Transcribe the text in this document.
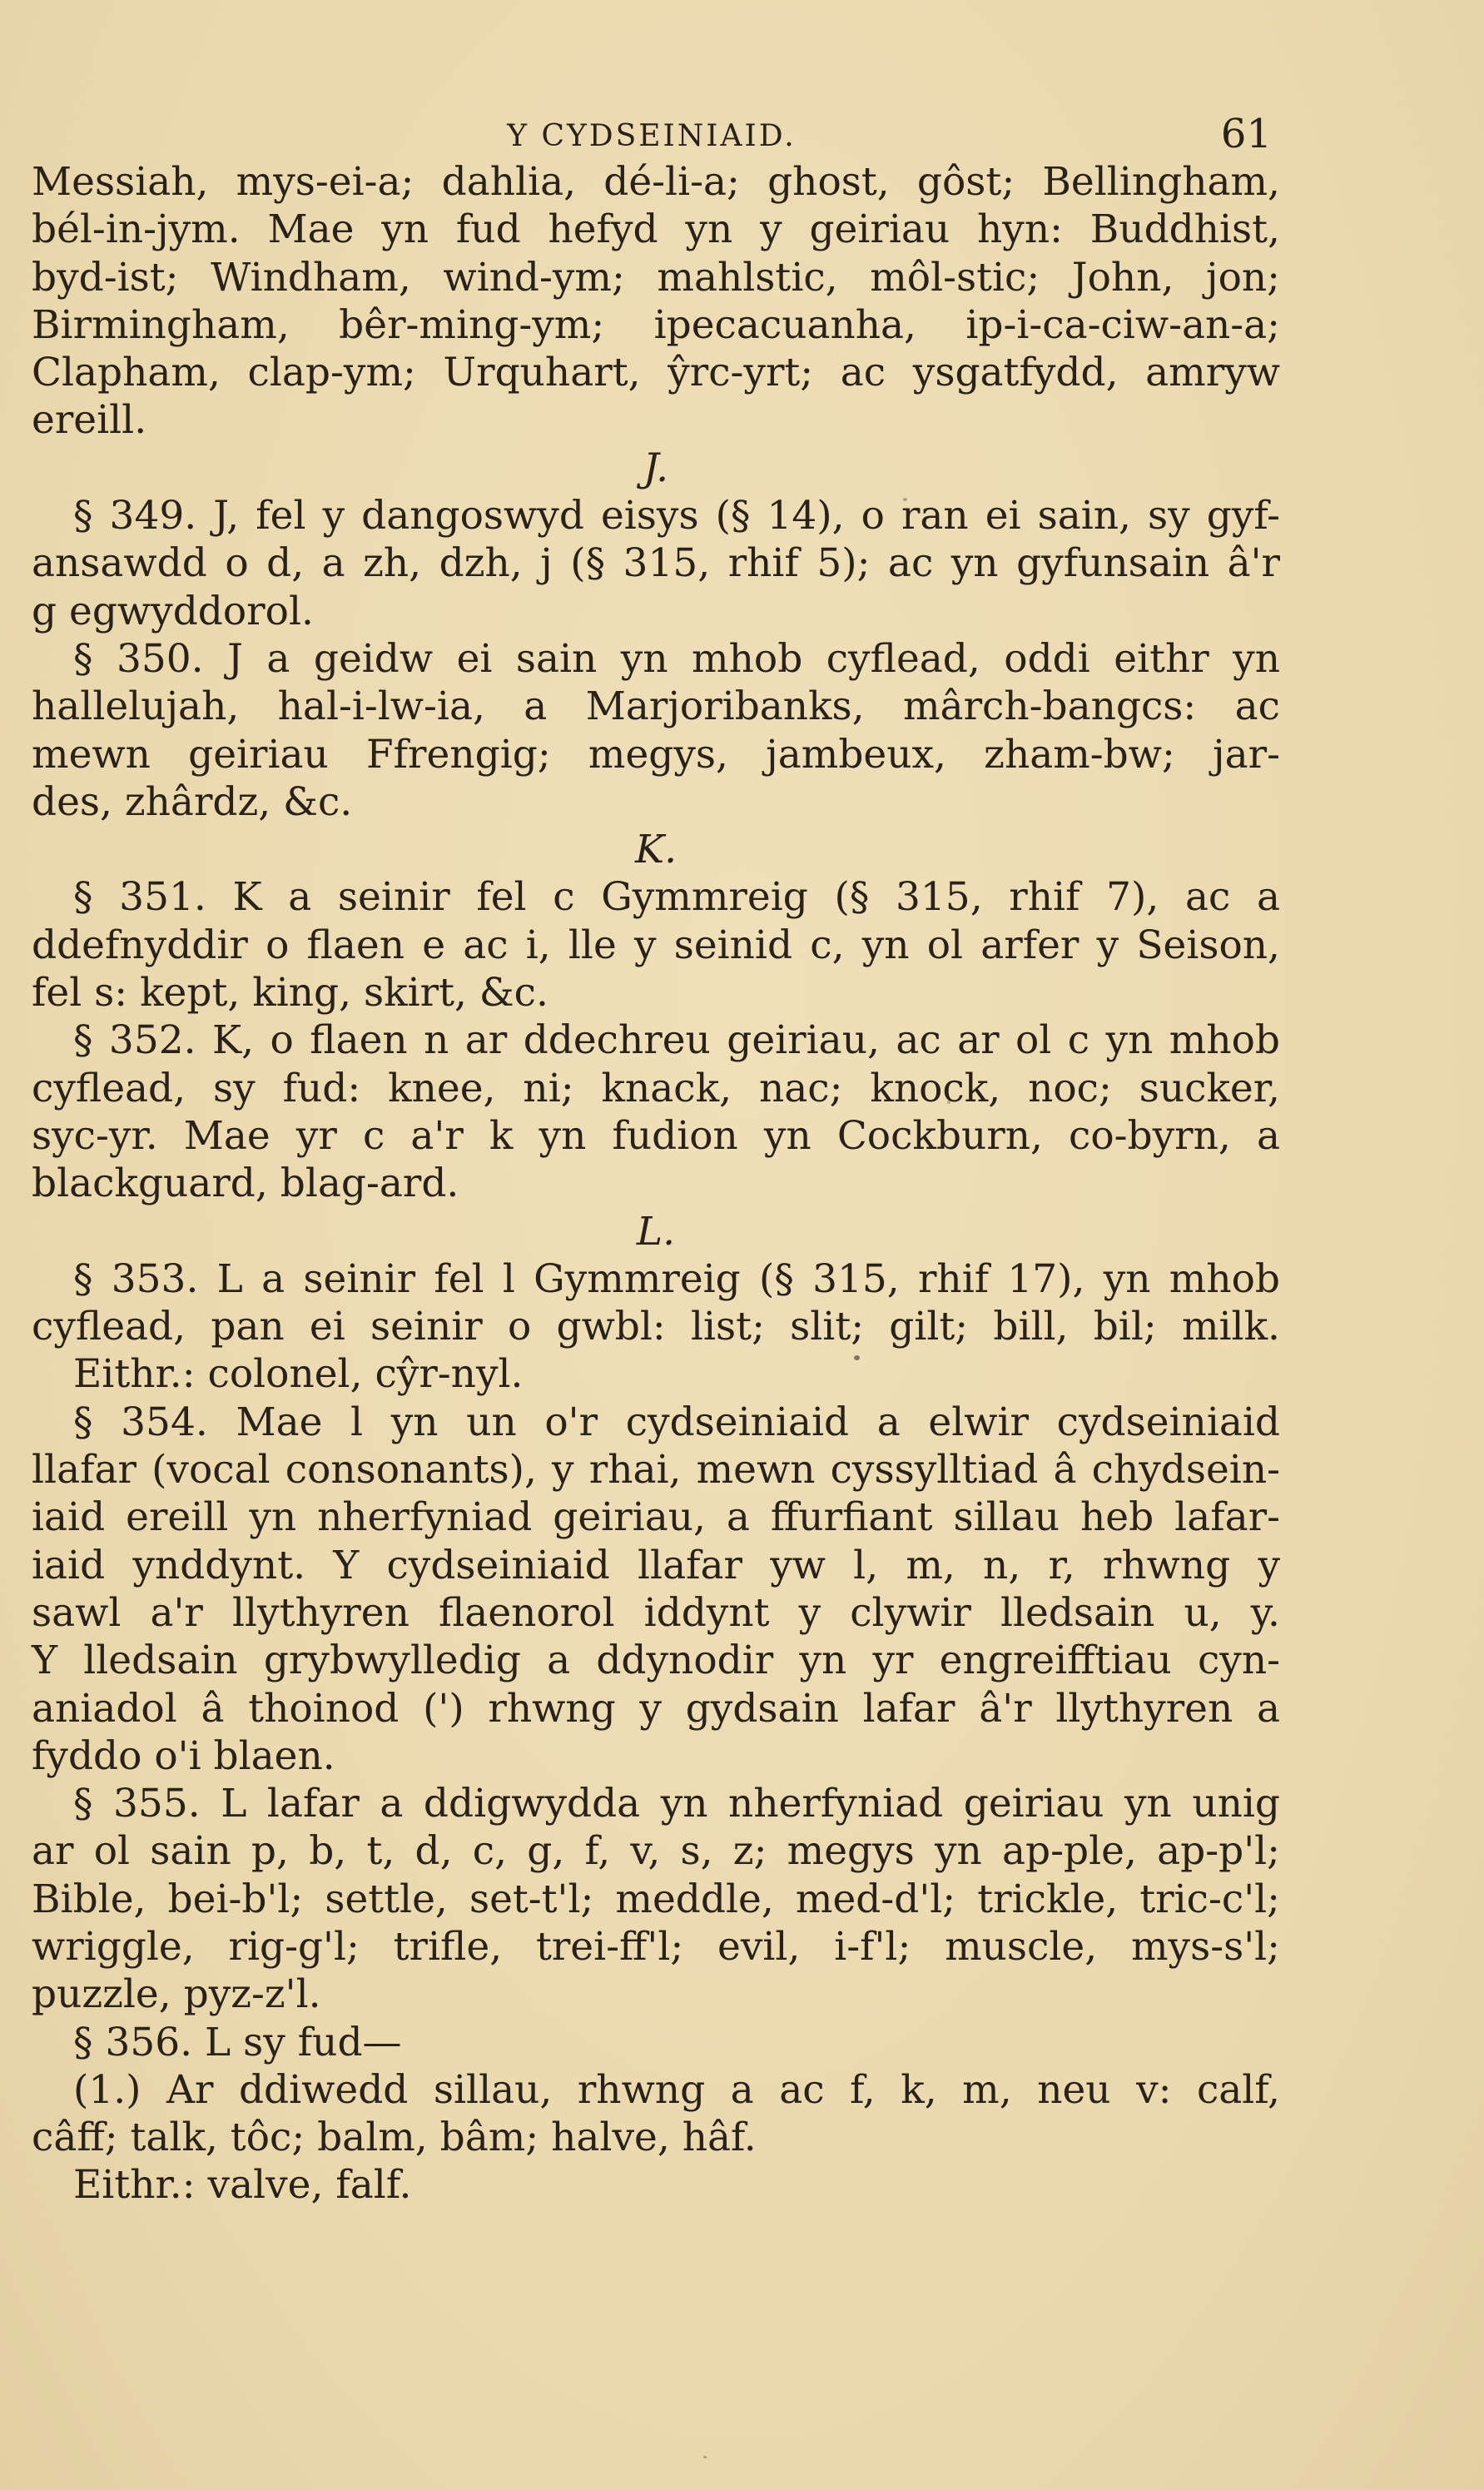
Y CYDSEINIAID.	61
Messiah, mys-ei-a; dahlia, dé-li-a; ghost, gôst; Bellingham,
bél-in-jym. Mae yn fud hefyd yn y geiriau hyn: Buddhist,
byd-ist; Windham, wind-ym; mahlstic, môl-stic; John, jon;
Birmingham, bêr-ming-ym; ipecacuanha, ip-i-ca-ciw-an-a;
Clapham, clap-ym; Urquhart, ŷrc-yrt; ac ysgatfydd, amryw
ereill.
J.
§ 349. J, fel y dangoswyd eisys (§ 14), o ran ei sain, sy gyf-
ansawdd o d, a zh, dzh, j (§ 315, rhif 5); ac yn gyfunsain â'r
g egwyddorol.
§ 350. J a geidw ei sain yn mhob cyflead, oddi eithr yn
hallelujah, hal-i-lw-ia, a Marjoribanks, mârch-bangcs: ac
mewn geiriau Ffrengig; megys, jambeux, zham-bw; jar-
des, zhârdz, &c.
K.
§ 351. K a seinir fel c Gymmreig (§ 315, rhif 7), ac a
ddefnyddir o flaen e ac i, lle y seinid c, yn ol arfer y Seison,
fel s: kept, king, skirt, &c.
§ 352. K, o flaen n ar ddechreu geiriau, ac ar ol c yn mhob
cyflead, sy fud: knee, ni; knack, nac; knock, noc; sucker,
syc-yr. Mae yr c a'r k yn fudion yn Cockburn, co-byrn, a
blackguard, blag-ard.
L.
§ 353. L a seinir fel l Gymmreig (§ 315, rhif 17), yn mhob
cyflead, pan ei seinir o gwbl: list; slit; gilt; bill, bil; milk.
Eithr.: colonel, cŷr-nyl.
§ 354. Mae l yn un o'r cydseiniaid a elwir cydseiniaid
llafar (vocal consonants), y rhai, mewn cyssylltiad â chydsein-
iaid ereill yn nherfyniad geiriau, a ffurfiant sillau heb lafar-
iaid ynddynt. Y cydseiniaid llafar yw l, m, n, r, rhwng y
sawl a'r llythyren flaenorol iddynt y clywir lledsain u, y.
Y lledsain grybwylledig a ddynodir yn yr engreifftiau cyn-
aniadol â thoinod (') rhwng y gydsain lafar â'r llythyren a
fyddo o'i blaen.
§ 355. L lafar a ddigwydda yn nherfyniad geiriau yn unig
ar ol sain p, b, t, d, c, g, f, v, s, z; megys yn ap-ple, ap-p'l;
Bible, bei-b'l; settle, set-t'l; meddle, med-d'l; trickle, tric-c'l;
wriggle, rig-g'l; trifle, trei-ff'l; evil, i-f'l; muscle, mys-s'l;
puzzle, pyz-z'l.
§ 356. L sy fud—
(1.) Ar ddiwedd sillau, rhwng a ac f, k, m, neu v: calf,
câff; talk, tôc; balm, bâm; halve, hâf.
Eithr.: valve, falf.
